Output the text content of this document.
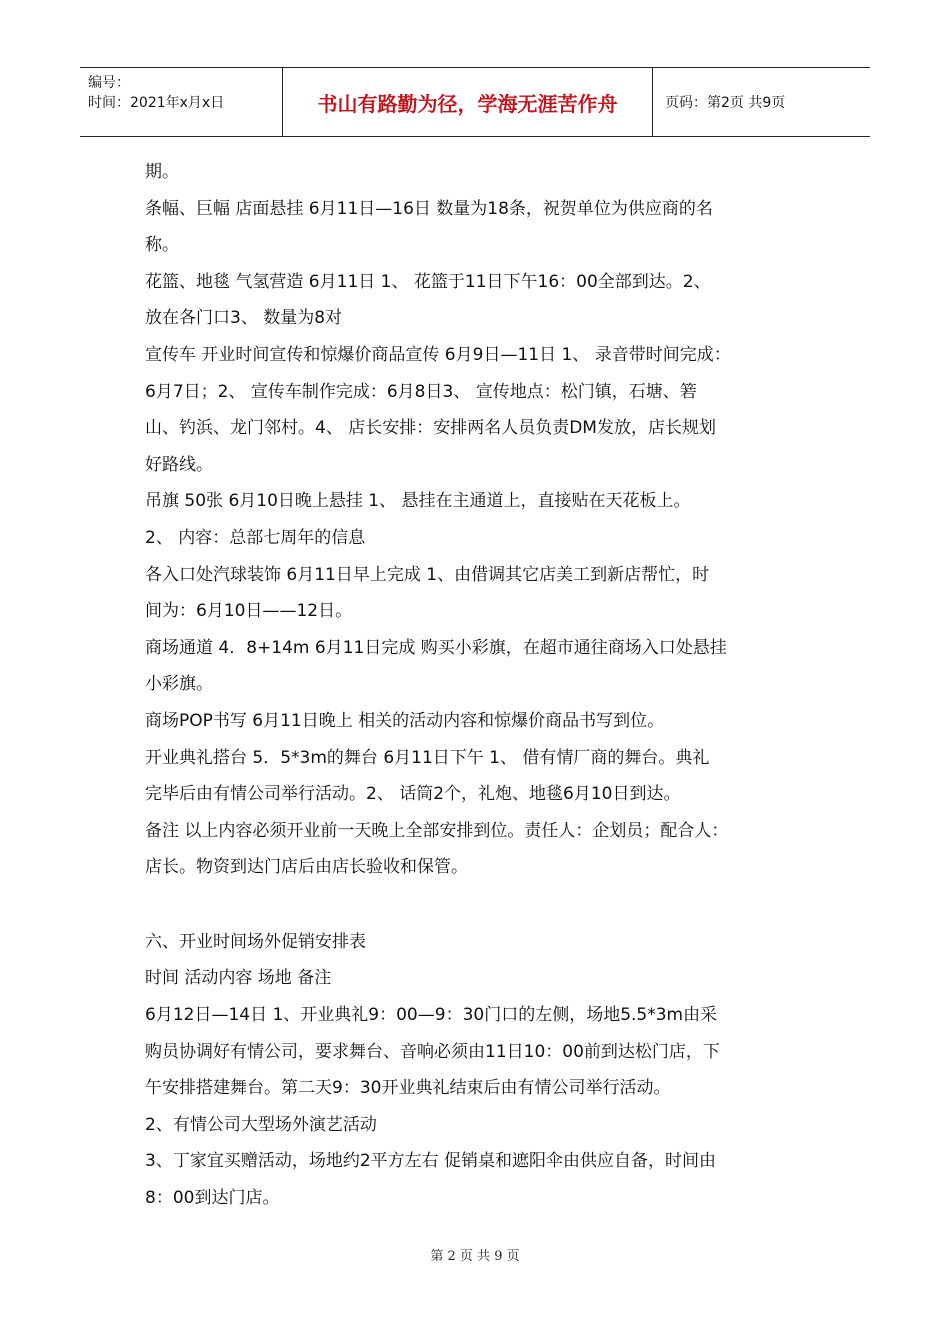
编号：
时间：2021年x月x日	书山有路勤为径，学海无涯苦作舟	页码：第2页 共9页
期。
条幅、巨幅 店面悬挂 6月11日—16日 数量为18条，祝贺单位为供应商的名
称。
花篮、地毯 气氢营造 6月11日 1、 花篮于11日下午16：00全部到达。2、
放在各门口3、 数量为8对
宣传车 开业时间宣传和惊爆价商品宣传 6月9日—11日 1、 录音带时间完成：
6月7日；2、 宣传车制作完成：6月8日3、 宣传地点：松门镇，石塘、箬
山、钓浜、龙门邻村。4、 店长安排：安排两名人员负责DM发放，店长规划
好路线。
吊旗 50张 6月10日晚上悬挂 1、 悬挂在主通道上，直接贴在天花板上。
2、 内容：总部七周年的信息
各入口处汽球装饰 6月11日早上完成 1、由借调其它店美工到新店帮忙，时
间为：6月10日——12日。
商场通道 4．8+14m 6月11日完成 购买小彩旗，在超市通往商场入口处悬挂
小彩旗。
商场POP书写 6月11日晚上 相关的活动内容和惊爆价商品书写到位。
开业典礼搭台 5．5*3m的舞台 6月11日下午 1、 借有情厂商的舞台。典礼
完毕后由有情公司举行活动。2、 话筒2个，礼炮、地毯6月10日到达。
备注 以上内容必须开业前一天晚上全部安排到位。责任人：企划员；配合人：
店长。物资到达门店后由店长验收和保管。
六、开业时间场外促销安排表
时间 活动内容 场地 备注
6月12日—14日 1、开业典礼9：00—9：30门口的左侧，场地5.5*3m由采
购员协调好有情公司，要求舞台、音响必须由11日10：00前到达松门店，下
午安排搭建舞台。第二天9：30开业典礼结束后由有情公司举行活动。
2、有情公司大型场外演艺活动
3、丁家宜买赠活动，场地约2平方左右 促销桌和遮阳伞由供应自备，时间由
8：00到达门店。
第 2 页 共 9 页
